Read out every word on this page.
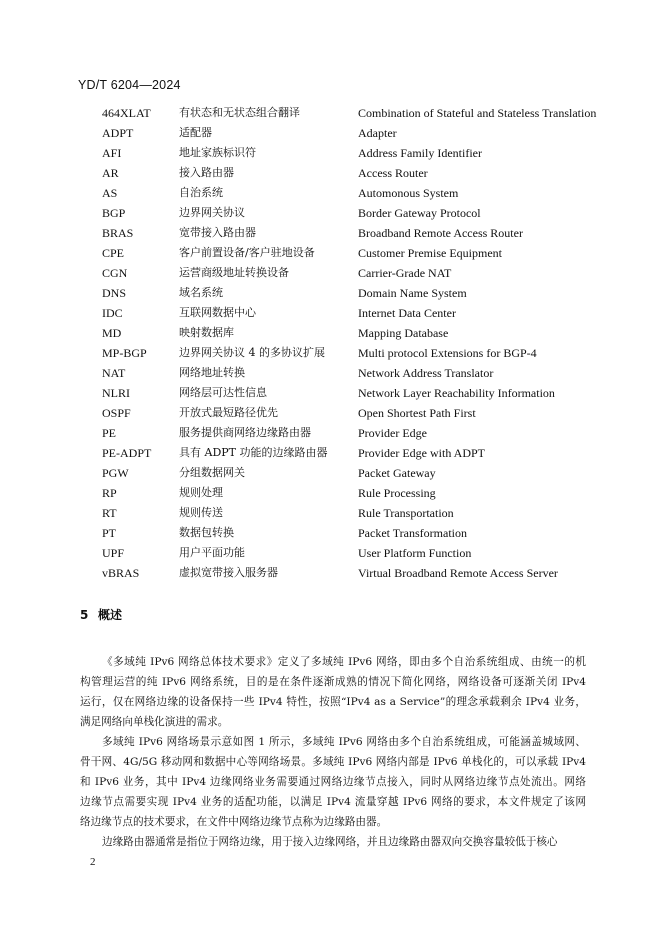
YD/T 6204—2024
464XLAT	有状态和无状态组合翻译	Combination of Stateful and Stateless Translation
ADPT	适配器	Adapter
AFI	地址家族标识符	Address Family Identifier
AR	接入路由器	Access Router
AS	自治系统	Automonous System
BGP	边界网关协议	Border Gateway Protocol
BRAS	宽带接入路由器	Broadband Remote Access Router
CPE	客户前置设备/客户驻地设备	Customer Premise Equipment
CGN	运营商级地址转换设备	Carrier-Grade NAT
DNS	域名系统	Domain Name System
IDC	互联网数据中心	Internet Data Center
MD	映射数据库	Mapping Database
MP-BGP	边界网关协议 4 的多协议扩展	Multi protocol Extensions for BGP-4
NAT	网络地址转换	Network Address Translator
NLRI	网络层可达性信息	Network Layer Reachability Information
OSPF	开放式最短路径优先	Open Shortest Path First
PE	服务提供商网络边缘路由器	Provider Edge
PE-ADPT	具有 ADPT 功能的边缘路由器	Provider Edge with ADPT
PGW	分组数据网关	Packet Gateway
RP	规则处理	Rule Processing
RT	规则传送	Rule Transportation
PT	数据包转换	Packet Transformation
UPF	用户平面功能	User Platform Function
vBRAS	虚拟宽带接入服务器	Virtual Broadband Remote Access Server
5 概述
《多域纯 IPv6 网络总体技术要求》定义了多域纯 IPv6 网络，即由多个自治系统组成、由统一的机
构管理运营的纯 IPv6 网络系统，目的是在条件逐渐成熟的情况下简化网络，网络设备可逐渐关闭 IPv4
运行，仅在网络边缘的设备保持一些 IPv4 特性，按照“IPv4 as a Service”的理念承载剩余 IPv4 业务，
满足网络向单栈化演进的需求。
多域纯 IPv6 网络场景示意如图 1 所示，多域纯 IPv6 网络由多个自治系统组成，可能涵盖城域网、
骨干网、4G/5G 移动网和数据中心等网络场景。多域纯 IPv6 网络内部是 IPv6 单栈化的，可以承载 IPv4
和 IPv6 业务，其中 IPv4 边缘网络业务需要通过网络边缘节点接入，同时从网络边缘节点处流出。网络
边缘节点需要实现 IPv4 业务的适配功能，以满足 IPv4 流量穿越 IPv6 网络的要求，本文件规定了该网
络边缘节点的技术要求，在文件中网络边缘节点称为边缘路由器。
边缘路由器通常是指位于网络边缘，用于接入边缘网络，并且边缘路由器双向交换容量较低于核心
2
